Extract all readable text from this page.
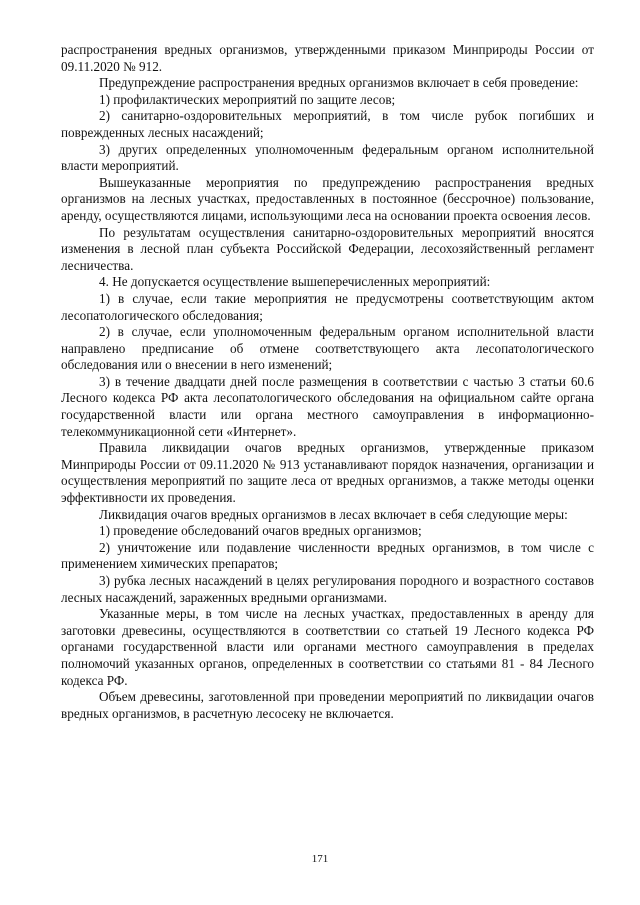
распространения вредных организмов, утвержденными приказом Минприроды России от 09.11.2020 № 912.

Предупреждение распространения вредных организмов включает в себя проведение:

1) профилактических мероприятий по защите лесов;

2) санитарно-оздоровительных мероприятий, в том числе рубок погибших и поврежденных лесных насаждений;

3) других определенных уполномоченным федеральным органом исполнительной власти мероприятий.

Вышеуказанные мероприятия по предупреждению распространения вредных организмов на лесных участках, предоставленных в постоянное (бессрочное) пользование, аренду, осуществляются лицами, использующими леса на основании проекта освоения лесов.

По результатам осуществления санитарно-оздоровительных мероприятий вносятся изменения в лесной план субъекта Российской Федерации, лесохозяйственный регламент лесничества.

4. Не допускается осуществление вышеперечисленных мероприятий:

1) в случае, если такие мероприятия не предусмотрены соответствующим актом лесопатологического обследования;

2) в случае, если уполномоченным федеральным органом исполнительной власти направлено предписание об отмене соответствующего акта лесопатологического обследования или о внесении в него изменений;

3) в течение двадцати дней после размещения в соответствии с частью 3 статьи 60.6 Лесного кодекса РФ акта лесопатологического обследования на официальном сайте органа государственной власти или органа местного самоуправления в информационно-телекоммуникационной сети «Интернет».

Правила ликвидации очагов вредных организмов, утвержденные приказом Минприроды России от 09.11.2020 № 913 устанавливают порядок назначения, организации и осуществления мероприятий по защите леса от вредных организмов, а также методы оценки эффективности их проведения.

Ликвидация очагов вредных организмов в лесах включает в себя следующие меры:

1) проведение обследований очагов вредных организмов;

2) уничтожение или подавление численности вредных организмов, в том числе с применением химических препаратов;

3) рубка лесных насаждений в целях регулирования породного и возрастного составов лесных насаждений, зараженных вредными организмами.

Указанные меры, в том числе на лесных участках, предоставленных в аренду для заготовки древесины, осуществляются в соответствии со статьей 19 Лесного кодекса РФ органами государственной власти или органами местного самоуправления в пределах полномочий указанных органов, определенных в соответствии со статьями 81 - 84 Лесного кодекса РФ.

Объем древесины, заготовленной при проведении мероприятий по ликвидации очагов вредных организмов, в расчетную лесосеку не включается.

171
